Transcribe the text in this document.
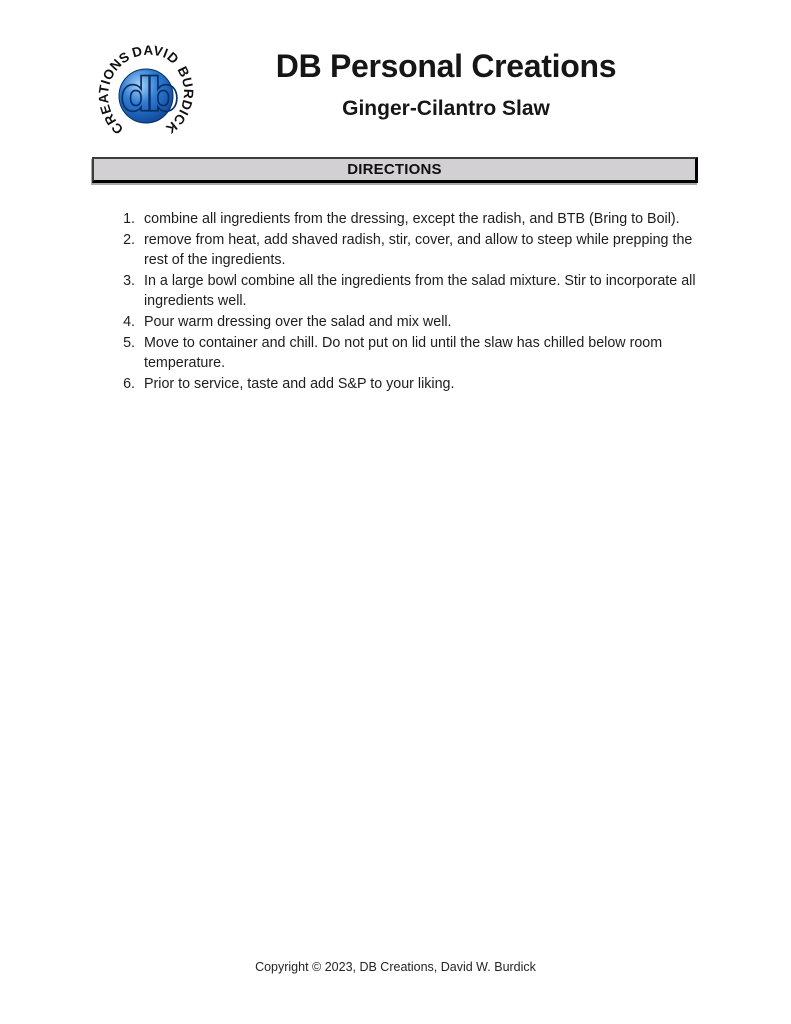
db
CREATIONS
DAVID
BURDICK
DB Personal Creations
Ginger-Cilantro Slaw
DIRECTIONS
1. combine all ingredients from the dressing, except the radish, and BTB (Bring to Boil).
2. remove from heat, add shaved radish, stir, cover, and allow to steep while prepping the rest of the ingredients.
3. In a large bowl combine all the ingredients from the salad mixture. Stir to incorporate all ingredients well.
4. Pour warm dressing over the salad and mix well.
5. Move to container and chill. Do not put on lid until the slaw has chilled below room temperature.
6. Prior to service, taste and add S&P to your liking.
Copyright © 2023, DB Creations, David W. Burdick
